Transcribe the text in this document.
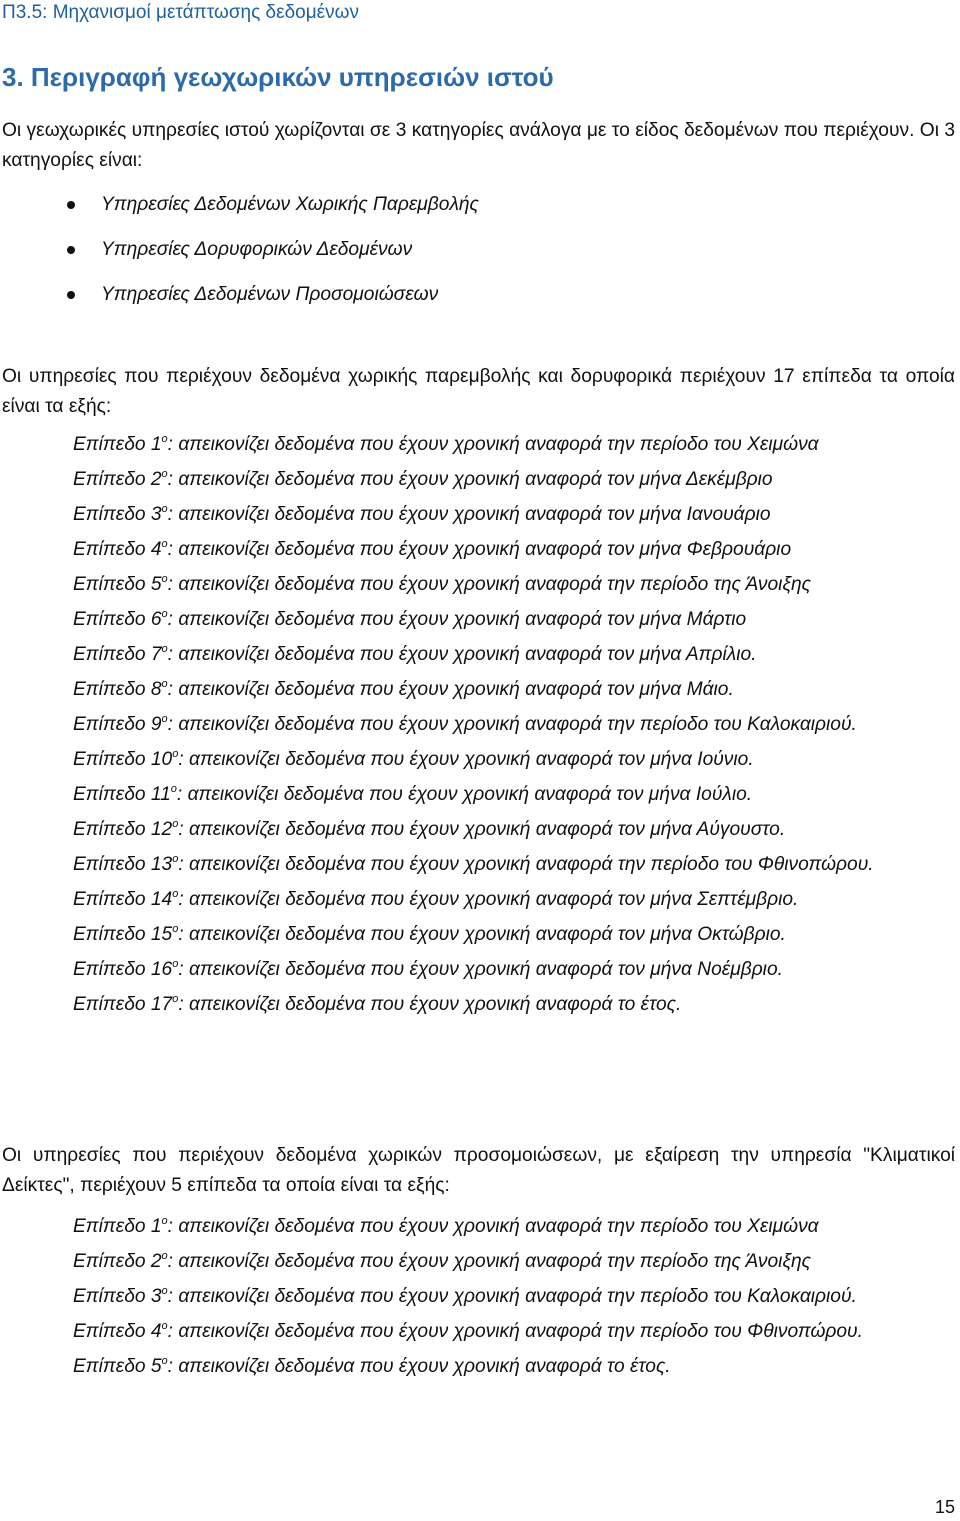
Π3.5: Μηχανισμοί μετάπτωσης δεδομένων
3. Περιγραφή γεωχωρικών υπηρεσιών ιστού
Οι γεωχωρικές υπηρεσίες ιστού χωρίζονται σε 3 κατηγορίες ανάλογα με το είδος δεδομένων που περιέχουν. Οι 3 κατηγορίες είναι:
Υπηρεσίες Δεδομένων Χωρικής Παρεμβολής
Υπηρεσίες Δορυφορικών Δεδομένων
Υπηρεσίες Δεδομένων Προσομοιώσεων
Οι υπηρεσίες που περιέχουν δεδομένα χωρικής παρεμβολής και δορυφορικά περιέχουν 17 επίπεδα τα οποία είναι τα εξής:
Επίπεδο $1^o$: απεικονίζει δεδομένα που έχουν χρονική αναφορά την περίοδο του Χειμώνα
Επίπεδο $2^o$: απεικονίζει δεδομένα που έχουν χρονική αναφορά τον μήνα Δεκέμβριο
Επίπεδο $3^o$: απεικονίζει δεδομένα που έχουν χρονική αναφορά τον μήνα Ιανουάριο
Επίπεδο $4^o$: απεικονίζει δεδομένα που έχουν χρονική αναφορά τον μήνα Φεβρουάριο
Επίπεδο $5^o$: απεικονίζει δεδομένα που έχουν χρονική αναφορά την περίοδο της Άνοιξης
Επίπεδο $6^o$: απεικονίζει δεδομένα που έχουν χρονική αναφορά τον μήνα Μάρτιο
Επίπεδο $7^o$: απεικονίζει δεδομένα που έχουν χρονική αναφορά τον μήνα Απρίλιο.
Επίπεδο $8^o$: απεικονίζει δεδομένα που έχουν χρονική αναφορά τον μήνα Μάιο.
Επίπεδο $9^o$: απεικονίζει δεδομένα που έχουν χρονική αναφορά την περίοδο του Καλοκαιριού.
Επίπεδο $10^o$: απεικονίζει δεδομένα που έχουν χρονική αναφορά τον μήνα Ιούνιο.
Επίπεδο $11^o$: απεικονίζει δεδομένα που έχουν χρονική αναφορά τον μήνα Ιούλιο.
Επίπεδο $12^o$: απεικονίζει δεδομένα που έχουν χρονική αναφορά τον μήνα Αύγουστο.
Επίπεδο $13^o$: απεικονίζει δεδομένα που έχουν χρονική αναφορά την περίοδο του Φθινοπώρου.
Επίπεδο $14^o$: απεικονίζει δεδομένα που έχουν χρονική αναφορά τον μήνα Σεπτέμβριο.
Επίπεδο $15^o$: απεικονίζει δεδομένα που έχουν χρονική αναφορά τον μήνα Οκτώβριο.
Επίπεδο $16^o$: απεικονίζει δεδομένα που έχουν χρονική αναφορά τον μήνα Νοέμβριο.
Επίπεδο $17^o$: απεικονίζει δεδομένα που έχουν χρονική αναφορά το έτος.
Οι υπηρεσίες που περιέχουν δεδομένα χωρικών προσομοιώσεων, με εξαίρεση την υπηρεσία "Κλιματικοί Δείκτες", περιέχουν 5 επίπεδα τα οποία είναι τα εξής:
Επίπεδο $1^o$: απεικονίζει δεδομένα που έχουν χρονική αναφορά την περίοδο του Χειμώνα
Επίπεδο $2^o$: απεικονίζει δεδομένα που έχουν χρονική αναφορά την περίοδο της Άνοιξης
Επίπεδο $3^o$: απεικονίζει δεδομένα που έχουν χρονική αναφορά την περίοδο του Καλοκαιριού.
Επίπεδο $4^o$: απεικονίζει δεδομένα που έχουν χρονική αναφορά την περίοδο του Φθινοπώρου.
Επίπεδο $5^o$: απεικονίζει δεδομένα που έχουν χρονική αναφορά το έτος.
15
